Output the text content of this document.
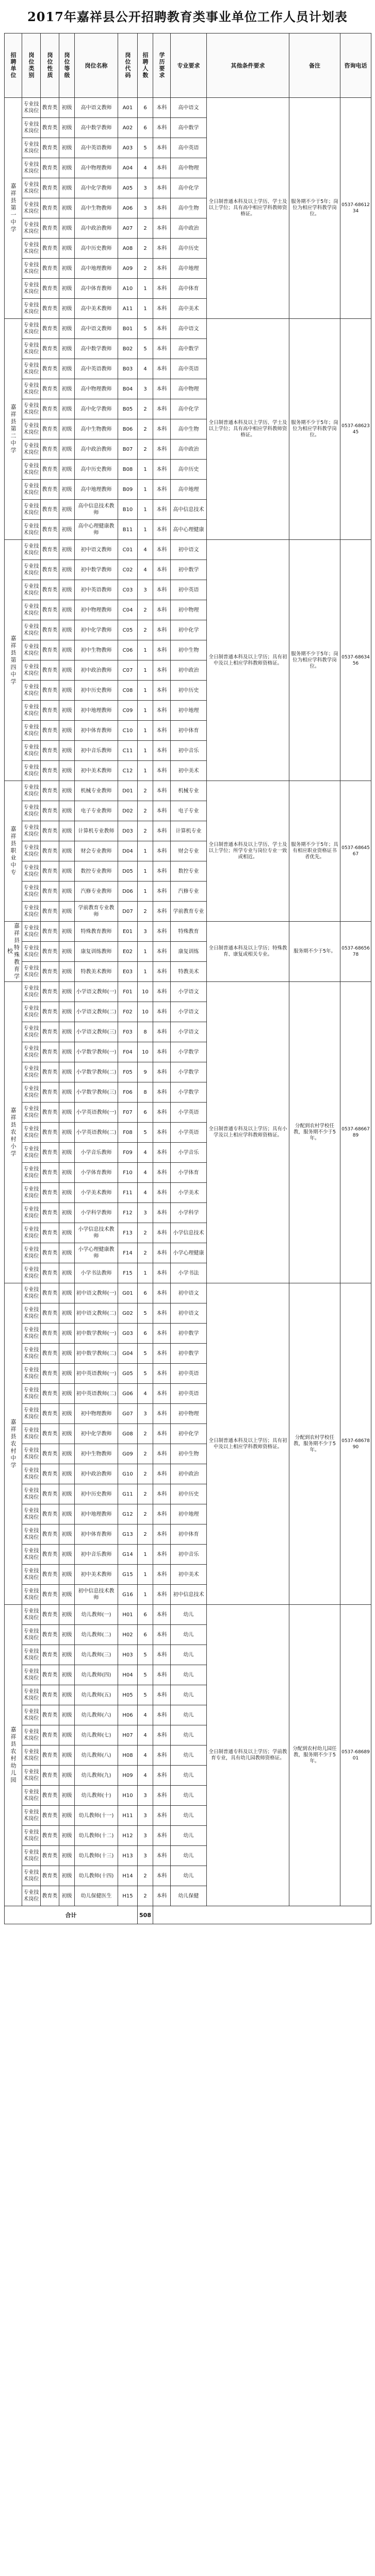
2017年嘉祥县公开招聘教育类事业单位工作人员计划表
招聘单位	岗位类别	岗位性质	岗位等级	岗位名称	岗位代码	招聘人数	学历要求	专业要求	其他条件要求	备注	咨询电话
嘉祥县第一中学	专业技术岗位	教育类	初级	高中语文教师	A01	6	本科	高中语文	全日制普通本科及以上学历、学士及以上学位；具有高中相应学科教师资格证。	服务期不少于5年；岗位为相应学科教学岗位。	0537-6861234
	专业技术岗位	教育类	初级	高中数学教师	A02	6	本科	高中数学			
	专业技术岗位	教育类	初级	高中英语教师	A03	5	本科	高中英语			
	专业技术岗位	教育类	初级	高中物理教师	A04	4	本科	高中物理			
	专业技术岗位	教育类	初级	高中化学教师	A05	3	本科	高中化学			
	专业技术岗位	教育类	初级	高中生物教师	A06	3	本科	高中生物			
	专业技术岗位	教育类	初级	高中政治教师	A07	2	本科	高中政治			
	专业技术岗位	教育类	初级	高中历史教师	A08	2	本科	高中历史			
	专业技术岗位	教育类	初级	高中地理教师	A09	2	本科	高中地理			
	专业技术岗位	教育类	初级	高中体育教师	A10	1	本科	高中体育			
	专业技术岗位	教育类	初级	高中美术教师	A11	1	本科	高中美术			
嘉祥县第二中学	专业技术岗位	教育类	初级	高中语文教师	B01	5	本科	高中语文	全日制普通本科及以上学历、学士及以上学位；具有高中相应学科教师资格证。	服务期不少于5年；岗位为相应学科教学岗位。	0537-6862345
	专业技术岗位	教育类	初级	高中数学教师	B02	5	本科	高中数学			
	专业技术岗位	教育类	初级	高中英语教师	B03	4	本科	高中英语			
	专业技术岗位	教育类	初级	高中物理教师	B04	3	本科	高中物理			
	专业技术岗位	教育类	初级	高中化学教师	B05	2	本科	高中化学			
	专业技术岗位	教育类	初级	高中生物教师	B06	2	本科	高中生物			
	专业技术岗位	教育类	初级	高中政治教师	B07	2	本科	高中政治			
	专业技术岗位	教育类	初级	高中历史教师	B08	1	本科	高中历史			
	专业技术岗位	教育类	初级	高中地理教师	B09	1	本科	高中地理			
	专业技术岗位	教育类	初级	高中信息技术教师	B10	1	本科	高中信息技术			
	专业技术岗位	教育类	初级	高中心理健康教师	B11	1	本科	高中心理健康			
嘉祥县第四中学	专业技术岗位	教育类	初级	初中语文教师	C01	4	本科	初中语文	全日制普通本科及以上学历；具有初中及以上相应学科教师资格证。	服务期不少于5年；岗位为相应学科教学岗位。	0537-6863456
	专业技术岗位	教育类	初级	初中数学教师	C02	4	本科	初中数学			
	专业技术岗位	教育类	初级	初中英语教师	C03	3	本科	初中英语			
	专业技术岗位	教育类	初级	初中物理教师	C04	2	本科	初中物理			
	专业技术岗位	教育类	初级	初中化学教师	C05	2	本科	初中化学			
	专业技术岗位	教育类	初级	初中生物教师	C06	1	本科	初中生物			
	专业技术岗位	教育类	初级	初中政治教师	C07	1	本科	初中政治			
	专业技术岗位	教育类	初级	初中历史教师	C08	1	本科	初中历史			
	专业技术岗位	教育类	初级	初中地理教师	C09	1	本科	初中地理			
	专业技术岗位	教育类	初级	初中体育教师	C10	1	本科	初中体育			
	专业技术岗位	教育类	初级	初中音乐教师	C11	1	本科	初中音乐			
	专业技术岗位	教育类	初级	初中美术教师	C12	1	本科	初中美术			
嘉祥县职业中专	专业技术岗位	教育类	初级	机械专业教师	D01	2	本科	机械专业	全日制普通本科及以上学历、学士及以上学位；所学专业与岗位专业一致或相近。	服务期不少于5年；具有相应职业资格证书者优先。	0537-6864567
	专业技术岗位	教育类	初级	电子专业教师	D02	2	本科	电子专业			
	专业技术岗位	教育类	初级	计算机专业教师	D03	2	本科	计算机专业			
	专业技术岗位	教育类	初级	财会专业教师	D04	1	本科	财会专业			
	专业技术岗位	教育类	初级	数控专业教师	D05	1	本科	数控专业			
	专业技术岗位	教育类	初级	汽修专业教师	D06	1	本科	汽修专业			
	专业技术岗位	教育类	初级	学前教育专业教师	D07	2	本科	学前教育专业			
嘉祥县特殊教育学校	专业技术岗位	教育类	初级	特殊教育教师	E01	3	本科	特殊教育	全日制普通本科及以上学历；特殊教育、康复或相关专业。	服务期不少于5年。	0537-6865678
	专业技术岗位	教育类	初级	康复训练教师	E02	1	本科	康复训练			
	专业技术岗位	教育类	初级	特教美术教师	E03	1	本科	特教美术			
嘉祥县农村小学	专业技术岗位	教育类	初级	小学语文教师(一)	F01	10	本科	小学语文	全日制普通专科及以上学历；具有小学及以上相应学科教师资格证。	分配到农村学校任教，服务期不少于5年。	0537-6866789
	专业技术岗位	教育类	初级	小学语文教师(二)	F02	10	本科	小学语文			
	专业技术岗位	教育类	初级	小学语文教师(三)	F03	8	本科	小学语文			
	专业技术岗位	教育类	初级	小学数学教师(一)	F04	10	本科	小学数学			
	专业技术岗位	教育类	初级	小学数学教师(二)	F05	9	本科	小学数学			
	专业技术岗位	教育类	初级	小学数学教师(三)	F06	8	本科	小学数学			
	专业技术岗位	教育类	初级	小学英语教师(一)	F07	6	本科	小学英语			
	专业技术岗位	教育类	初级	小学英语教师(二)	F08	5	本科	小学英语			
	专业技术岗位	教育类	初级	小学音乐教师	F09	4	本科	小学音乐			
	专业技术岗位	教育类	初级	小学体育教师	F10	4	本科	小学体育			
	专业技术岗位	教育类	初级	小学美术教师	F11	4	本科	小学美术			
	专业技术岗位	教育类	初级	小学科学教师	F12	3	本科	小学科学			
	专业技术岗位	教育类	初级	小学信息技术教师	F13	2	本科	小学信息技术			
	专业技术岗位	教育类	初级	小学心理健康教师	F14	2	本科	小学心理健康			
	专业技术岗位	教育类	初级	小学书法教师	F15	1	本科	小学书法			
嘉祥县农村中学	专业技术岗位	教育类	初级	初中语文教师(一)	G01	6	本科	初中语文	全日制普通本科及以上学历；具有初中及以上相应学科教师资格证。	分配到农村学校任教，服务期不少于5年。	0537-6867890
	专业技术岗位	教育类	初级	初中语文教师(二)	G02	5	本科	初中语文			
	专业技术岗位	教育类	初级	初中数学教师(一)	G03	6	本科	初中数学			
	专业技术岗位	教育类	初级	初中数学教师(二)	G04	5	本科	初中数学			
	专业技术岗位	教育类	初级	初中英语教师(一)	G05	5	本科	初中英语			
	专业技术岗位	教育类	初级	初中英语教师(二)	G06	4	本科	初中英语			
	专业技术岗位	教育类	初级	初中物理教师	G07	3	本科	初中物理			
	专业技术岗位	教育类	初级	初中化学教师	G08	2	本科	初中化学			
	专业技术岗位	教育类	初级	初中生物教师	G09	2	本科	初中生物			
	专业技术岗位	教育类	初级	初中政治教师	G10	2	本科	初中政治			
	专业技术岗位	教育类	初级	初中历史教师	G11	2	本科	初中历史			
	专业技术岗位	教育类	初级	初中地理教师	G12	2	本科	初中地理			
	专业技术岗位	教育类	初级	初中体育教师	G13	2	本科	初中体育			
	专业技术岗位	教育类	初级	初中音乐教师	G14	1	本科	初中音乐			
	专业技术岗位	教育类	初级	初中美术教师	G15	1	本科	初中美术			
	专业技术岗位	教育类	初级	初中信息技术教师	G16	1	本科	初中信息技术			
嘉祥县农村幼儿园	专业技术岗位	教育类	初级	幼儿教师(一)	H01	6	本科	幼儿	全日制普通专科及以上学历；学前教育专业，具有幼儿园教师资格证。	分配到农村幼儿园任教，服务期不少于5年。	0537-6868901
	专业技术岗位	教育类	初级	幼儿教师(二)	H02	6	本科	幼儿			
	专业技术岗位	教育类	初级	幼儿教师(三)	H03	5	本科	幼儿			
	专业技术岗位	教育类	初级	幼儿教师(四)	H04	5	本科	幼儿			
	专业技术岗位	教育类	初级	幼儿教师(五)	H05	5	本科	幼儿			
	专业技术岗位	教育类	初级	幼儿教师(六)	H06	4	本科	幼儿			
	专业技术岗位	教育类	初级	幼儿教师(七)	H07	4	本科	幼儿			
	专业技术岗位	教育类	初级	幼儿教师(八)	H08	4	本科	幼儿			
	专业技术岗位	教育类	初级	幼儿教师(九)	H09	4	本科	幼儿			
	专业技术岗位	教育类	初级	幼儿教师(十)	H10	3	本科	幼儿			
	专业技术岗位	教育类	初级	幼儿教师(十一)	H11	3	本科	幼儿			
	专业技术岗位	教育类	初级	幼儿教师(十二)	H12	3	本科	幼儿			
	专业技术岗位	教育类	初级	幼儿教师(十三)	H13	3	本科	幼儿			
	专业技术岗位	教育类	初级	幼儿教师(十四)	H14	2	本科	幼儿			
	专业技术岗位	教育类	初级	幼儿保健医生	H15	2	本科	幼儿保健			
合计						508					
